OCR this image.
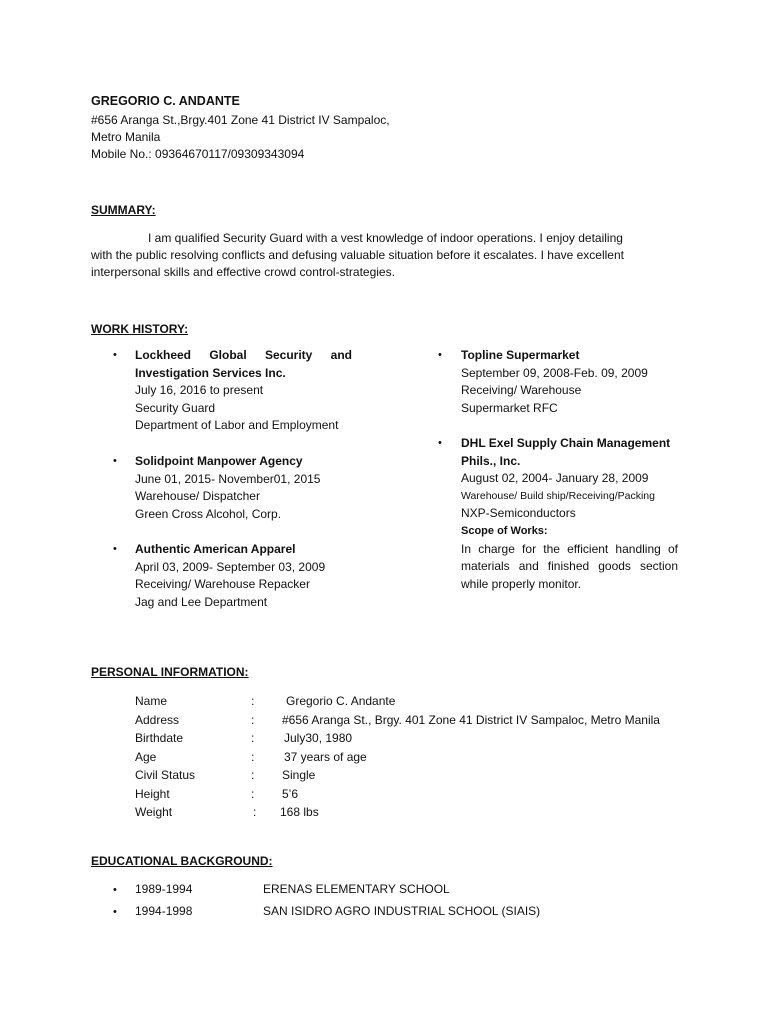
GREGORIO C. ANDANTE
#656 Aranga St.,Brgy.401 Zone 41 District IV Sampaloc,
Metro Manila
Mobile No.: 09364670117/09309343094
SUMMARY:
I am qualified Security Guard with a vest knowledge of indoor operations. I enjoy detailing
with the public resolving conflicts and defusing valuable situation before it escalates. I have excellent
interpersonal skills and effective crowd control-strategies.
WORK HISTORY:
• Lockheed Global Security and
Investigation Services Inc.
July 16, 2016 to present
Security Guard
Department of Labor and Employment
• Solidpoint Manpower Agency
June 01, 2015- November01, 2015
Warehouse/ Dispatcher
Green Cross Alcohol, Corp.
• Authentic American Apparel
April 03, 2009- September 03, 2009
Receiving/ Warehouse Repacker
Jag and Lee Department
• Topline Supermarket
September 09, 2008-Feb. 09, 2009
Receiving/ Warehouse
Supermarket RFC
• DHL Exel Supply Chain Management
Phils., Inc.
August 02, 2004- January 28, 2009
Warehouse/ Build ship/Receiving/Packing
NXP-Semiconductors
Scope of Works:
In charge for the efficient handling of
materials and finished goods section
while properly monitor.
PERSONAL INFORMATION:
Name	:	Gregorio C. Andante
Address	: #656 Aranga St., Brgy. 401 Zone 41 District IV Sampaloc, Metro Manila
Birthdate	: July30, 1980
Age	: 37 years of age
Civil Status	: Single
Height	: 5’6
Weight	: 168 lbs
EDUCATIONAL BACKGROUND:
• 1989-1994	ERENAS ELEMENTARY SCHOOL
• 1994-1998	SAN ISIDRO AGRO INDUSTRIAL SCHOOL (SIAIS)
